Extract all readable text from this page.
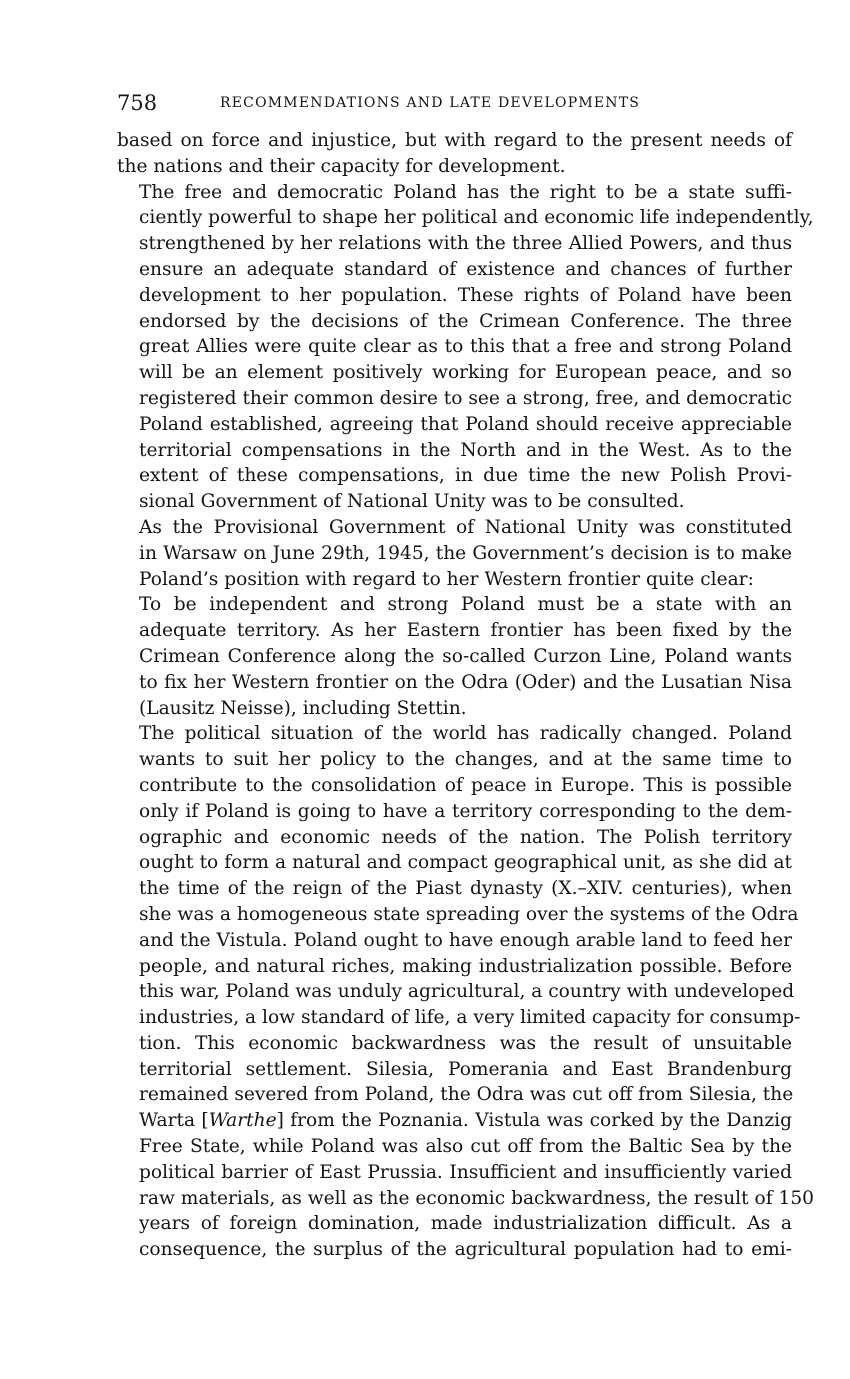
758	RECOMMENDATIONS AND LATE DEVELOPMENTS

based on force and injustice, but with regard to the present needs of
the nations and their capacity for development.

The free and democratic Poland has the right to be a state suffi-
ciently powerful to shape her political and economic life independently,
strengthened by her relations with the three Allied Powers, and thus
ensure an adequate standard of existence and chances of further
development to her population. These rights of Poland have been
endorsed by the decisions of the Crimean Conference. The three
great Allies were quite clear as to this that a free and strong Poland
will be an element positively working for European peace, and so
registered their common desire to see a strong, free, and democratic
Poland established, agreeing that Poland should receive appreciable
territorial compensations in the North and in the West. As to the
extent of these compensations, in due time the new Polish Provi-
sional Government of National Unity was to be consulted.

As the Provisional Government of National Unity was constituted
in Warsaw on June 29th, 1945, the Government’s decision is to make
Poland’s position with regard to her Western frontier quite clear:

To be independent and strong Poland must be a state with an
adequate territory. As her Eastern frontier has been fixed by the
Crimean Conference along the so-called Curzon Line, Poland wants
to fix her Western frontier on the Odra (Oder) and the Lusatian Nisa
(Lausitz Neisse), including Stettin.

The political situation of the world has radically changed. Poland
wants to suit her policy to the changes, and at the same time to
contribute to the consolidation of peace in Europe. This is possible
only if Poland is going to have a territory corresponding to the dem-
ographic and economic needs of the nation. The Polish territory
ought to form a natural and compact geographical unit, as she did at
the time of the reign of the Piast dynasty (X.–XIV. centuries), when
she was a homogeneous state spreading over the systems of the Odra
and the Vistula. Poland ought to have enough arable land to feed her
people, and natural riches, making industrialization possible. Before
this war, Poland was unduly agricultural, a country with undeveloped
industries, a low standard of life, a very limited capacity for consump-
tion. This economic backwardness was the result of unsuitable
territorial settlement. Silesia, Pomerania and East Brandenburg
remained severed from Poland, the Odra was cut off from Silesia, the
Warta [Warthe] from the Poznania. Vistula was corked by the Danzig
Free State, while Poland was also cut off from the Baltic Sea by the
political barrier of East Prussia. Insufficient and insufficiently varied
raw materials, as well as the economic backwardness, the result of 150
years of foreign domination, made industrialization difficult. As a
consequence, the surplus of the agricultural population had to emi-
